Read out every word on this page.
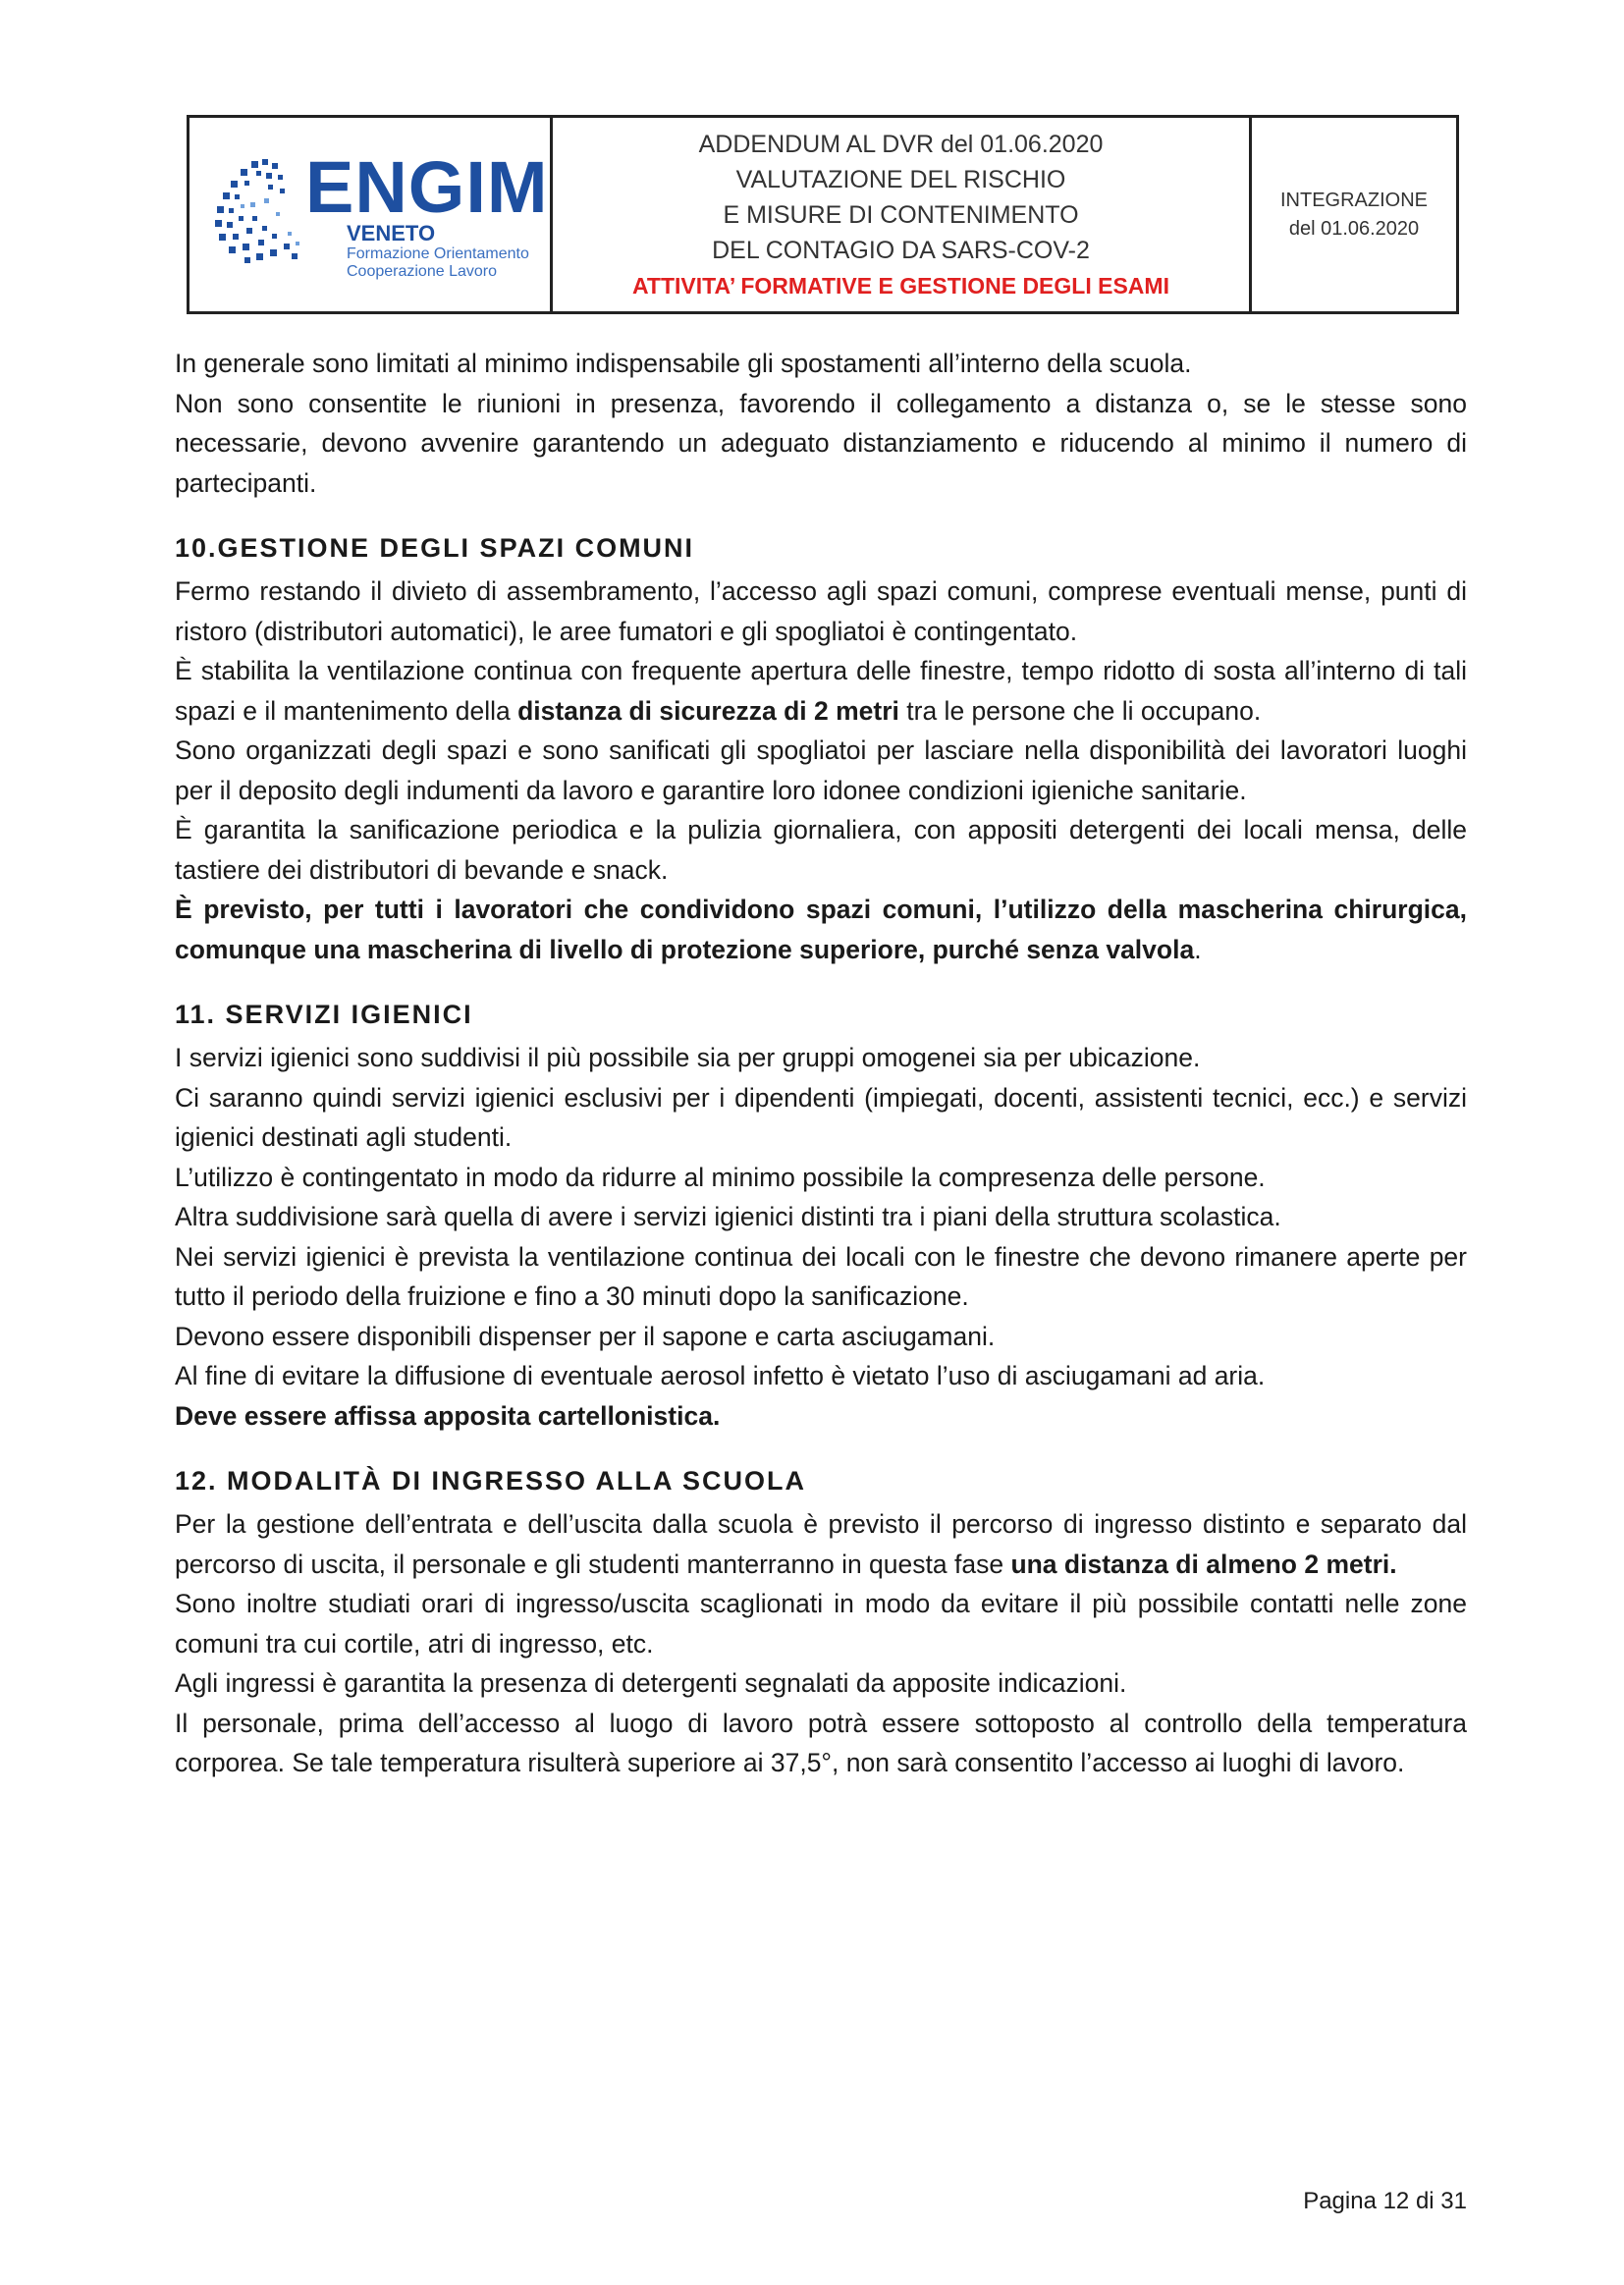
ENGIM
VENETO
Formazione Orientamento
Cooperazione Lavoro
ADDENDUM AL DVR del 01.06.2020
VALUTAZIONE DEL RISCHIO
E MISURE DI CONTENIMENTO
DEL CONTAGIO DA SARS-COV-2
ATTIVITA’ FORMATIVE E GESTIONE DEGLI ESAMI
INTEGRAZIONE
del 01.06.2020

In generale sono limitati al minimo indispensabile gli spostamenti all’interno della scuola.

Non sono consentite le riunioni in presenza, favorendo il collegamento a distanza o, se le stesse sono necessarie, devono avvenire garantendo un adeguato distanziamento e riducendo al minimo il numero di partecipanti.

10.GESTIONE DEGLI SPAZI COMUNI

Fermo restando il divieto di assembramento, l’accesso agli spazi comuni, comprese eventuali mense, punti di ristoro (distributori automatici), le aree fumatori e gli spogliatoi è contingentato.

È stabilita la ventilazione continua con frequente apertura delle finestre, tempo ridotto di sosta all’interno di tali spazi e il mantenimento della distanza di sicurezza di 2 metri tra le persone che li occupano.

Sono organizzati degli spazi e sono sanificati gli spogliatoi per lasciare nella disponibilità dei lavoratori luoghi per il deposito degli indumenti da lavoro e garantire loro idonee condizioni igieniche sanitarie.

È garantita la sanificazione periodica e la pulizia giornaliera, con appositi detergenti dei locali mensa, delle tastiere dei distributori di bevande e snack.

È previsto, per tutti i lavoratori che condividono spazi comuni, l’utilizzo della mascherina chirurgica, comunque una mascherina di livello di protezione superiore, purché senza valvola.

11. SERVIZI IGIENICI

I servizi igienici sono suddivisi il più possibile sia per gruppi omogenei sia per ubicazione.

Ci saranno quindi servizi igienici esclusivi per i dipendenti (impiegati, docenti, assistenti tecnici, ecc.) e servizi igienici destinati agli studenti.

L’utilizzo è contingentato in modo da ridurre al minimo possibile la compresenza delle persone.

Altra suddivisione sarà quella di avere i servizi igienici distinti tra i piani della struttura scolastica.

Nei servizi igienici è prevista la ventilazione continua dei locali con le finestre che devono rimanere aperte per tutto il periodo della fruizione e fino a 30 minuti dopo la sanificazione.

Devono essere disponibili dispenser per il sapone e carta asciugamani.

Al fine di evitare la diffusione di eventuale aerosol infetto è vietato l’uso di asciugamani ad aria.

Deve essere affissa apposita cartellonistica.

12. MODALITÀ DI INGRESSO ALLA SCUOLA

Per la gestione dell’entrata e dell’uscita dalla scuola è previsto il percorso di ingresso distinto e separato dal percorso di uscita, il personale e gli studenti manterranno in questa fase una distanza di almeno 2 metri.

Sono inoltre studiati orari di ingresso/uscita scaglionati in modo da evitare il più possibile contatti nelle zone comuni tra cui cortile, atri di ingresso, etc.

Agli ingressi è garantita la presenza di detergenti segnalati da apposite indicazioni.

Il personale, prima dell’accesso al luogo di lavoro potrà essere sottoposto al controllo della temperatura corporea. Se tale temperatura risulterà superiore ai 37,5°, non sarà consentito l’accesso ai luoghi di lavoro.

Pagina 12 di 31
